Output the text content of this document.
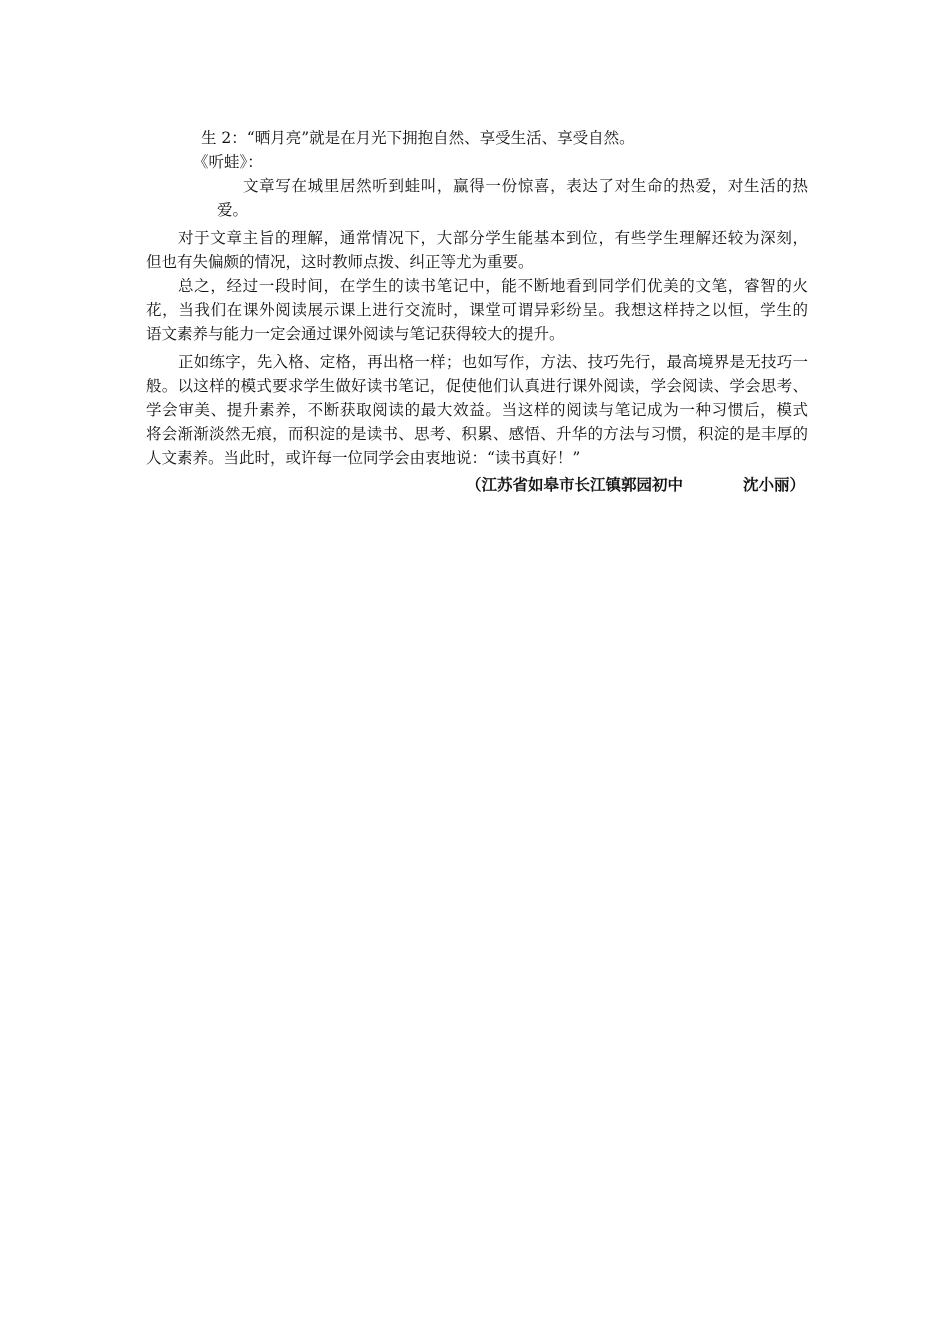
生 2：“晒月亮”就是在月光下拥抱自然、享受生活、享受自然。
《听蛙》：
文章写在城里居然听到蛙叫，赢得一份惊喜，表达了对生命的热爱，对生活的热
爱。
对于文章主旨的理解，通常情况下，大部分学生能基本到位，有些学生理解还较为深刻，
但也有失偏颇的情况，这时教师点拨、纠正等尤为重要。
总之，经过一段时间，在学生的读书笔记中，能不断地看到同学们优美的文笔，睿智的火
花，当我们在课外阅读展示课上进行交流时，课堂可谓异彩纷呈。我想这样持之以恒，学生的
语文素养与能力一定会通过课外阅读与笔记获得较大的提升。
正如练字，先入格、定格，再出格一样；也如写作，方法、技巧先行，最高境界是无技巧一
般。以这样的模式要求学生做好读书笔记，促使他们认真进行课外阅读，学会阅读、学会思考、
学会审美、提升素养，不断获取阅读的最大效益。当这样的阅读与笔记成为一种习惯后，模式
将会渐渐淡然无痕，而积淀的是读书、思考、积累、感悟、升华的方法与习惯，积淀的是丰厚的
人文素养。当此时，或许每一位同学会由衷地说：“读书真好！”
（江苏省如皋市长江镇郭园初中	沈小丽）
